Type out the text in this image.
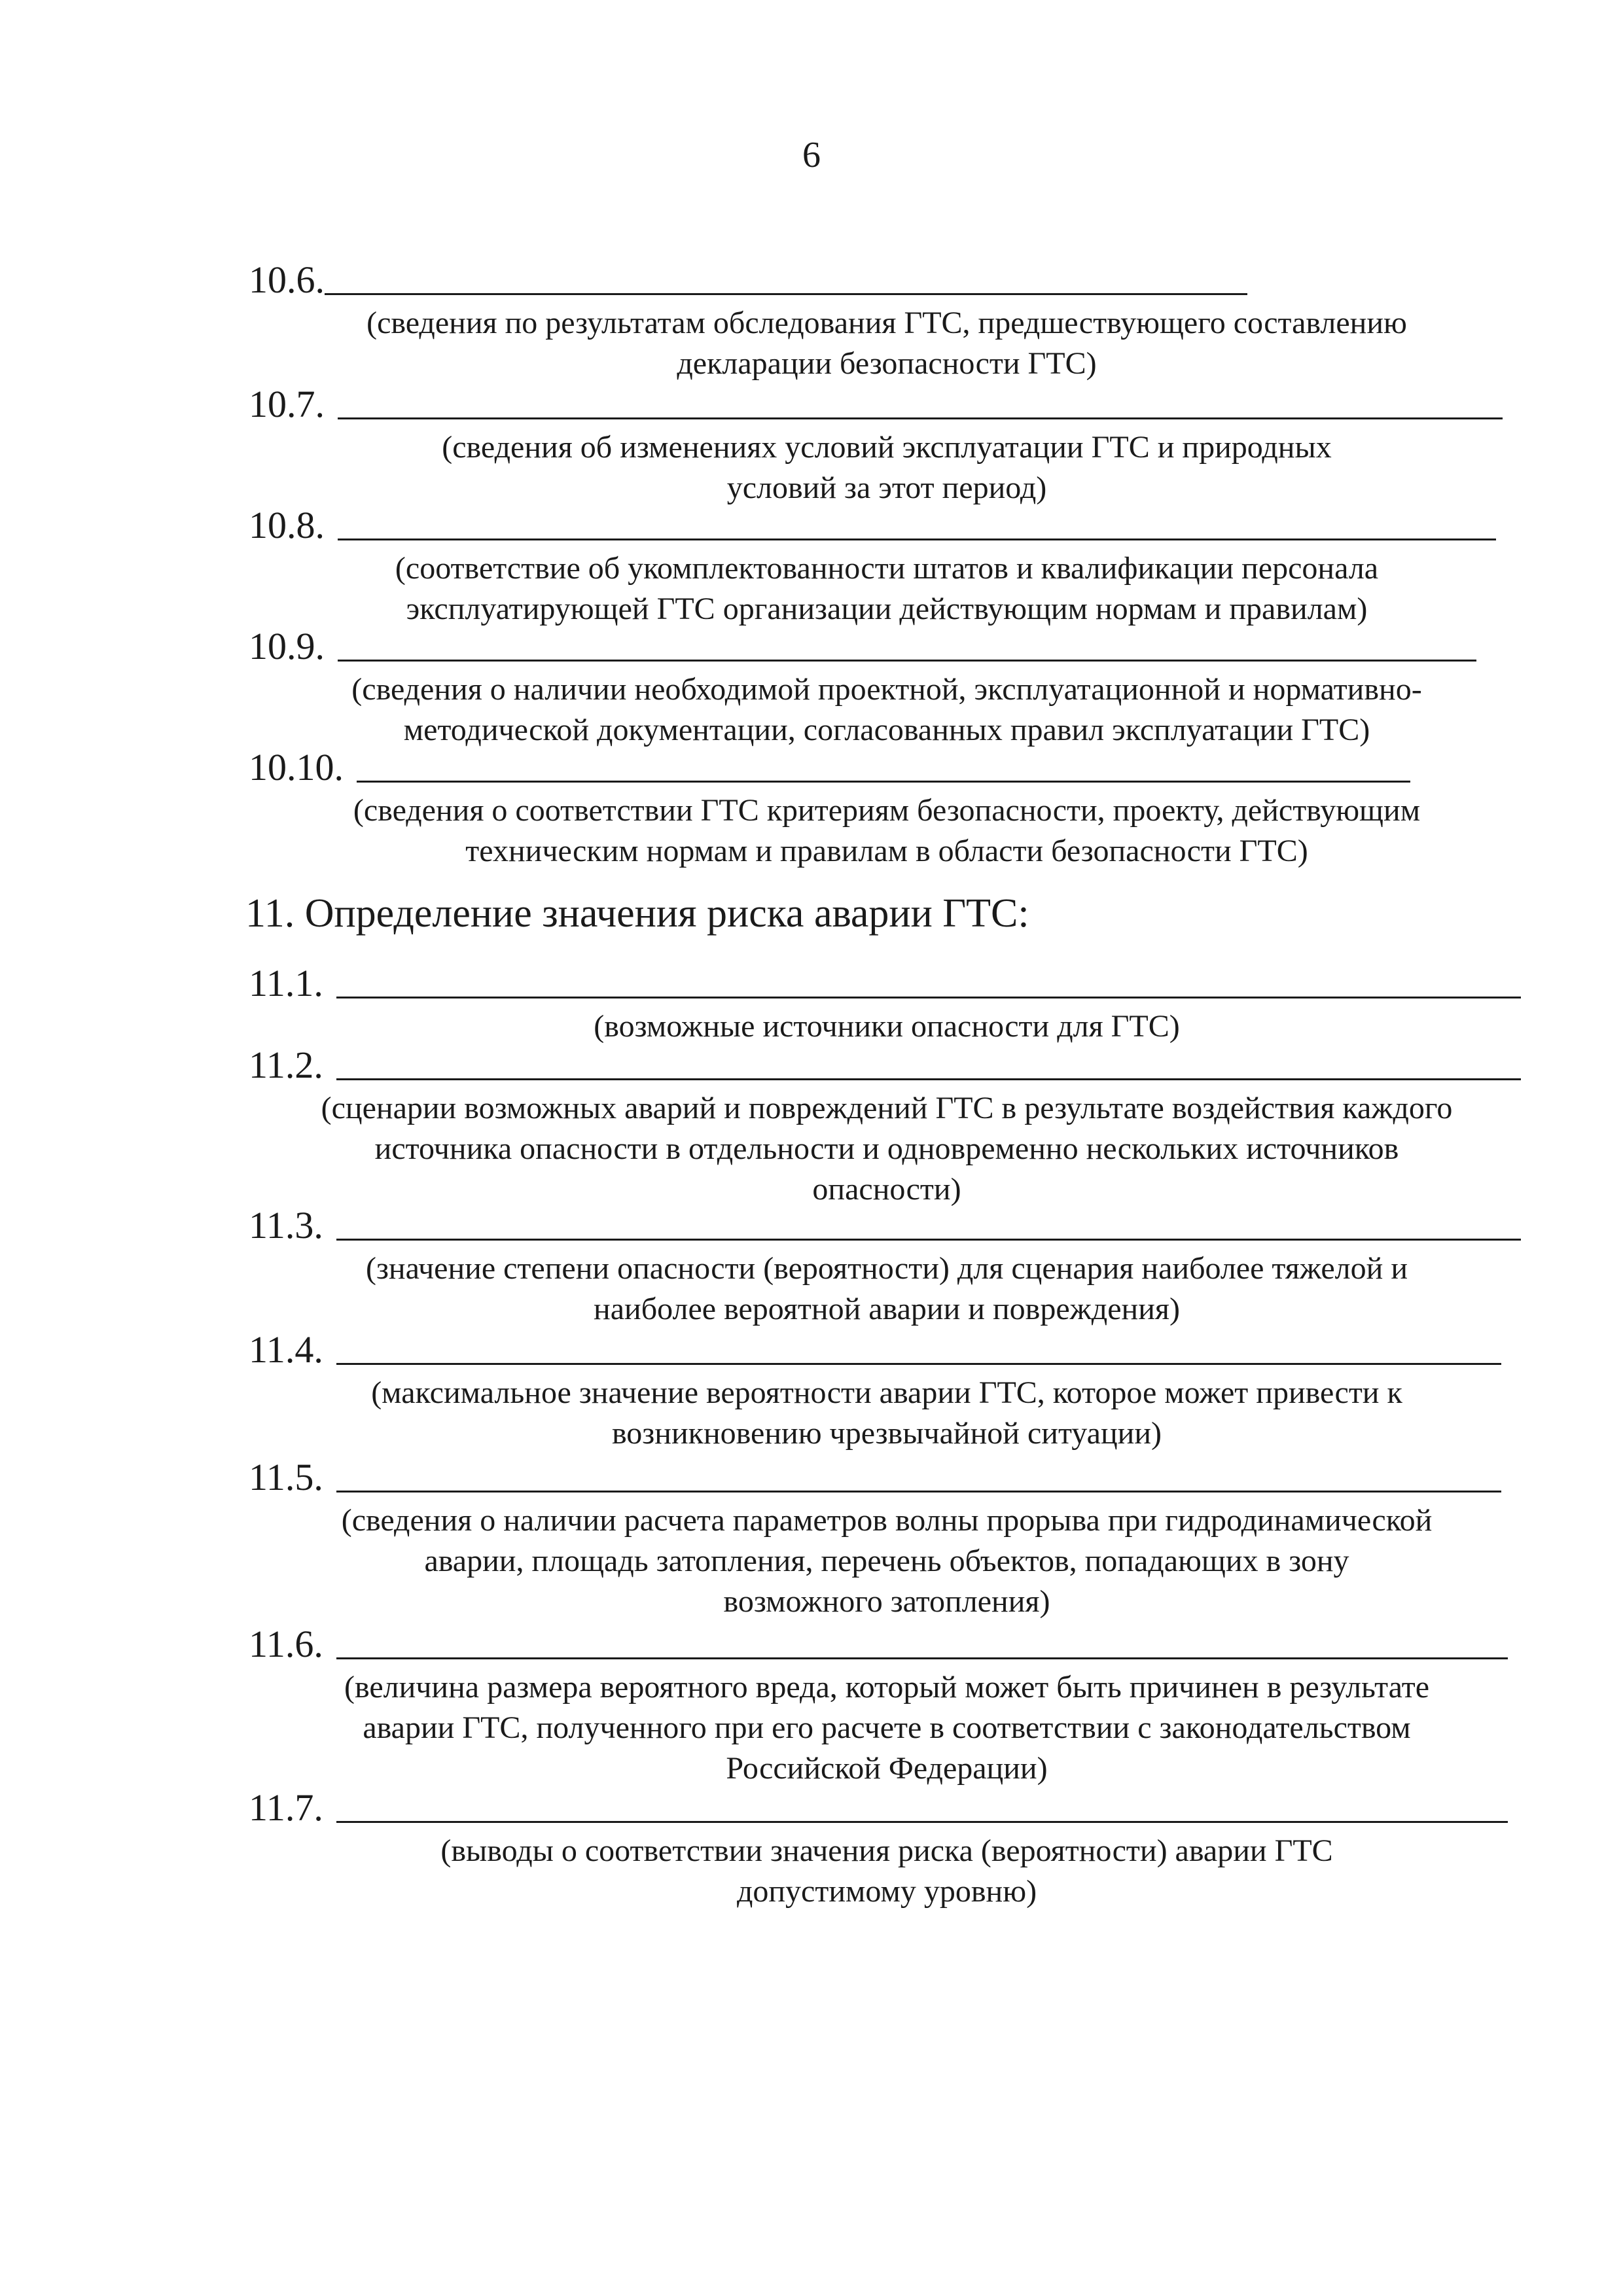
6
10.6.
(сведения по результатам обследования ГТС, предшествующего составлению
декларации безопасности ГТС)
10.7.
(сведения об изменениях условий эксплуатации ГТС и природных
условий за этот период)
10.8.
(соответствие об укомплектованности штатов и квалификации персонала
эксплуатирующей ГТС организации действующим нормам и правилам)
10.9.
(сведения о наличии необходимой проектной, эксплуатационной и нормативно-
методической документации, согласованных правил эксплуатации ГТС)
10.10.
(сведения о соответствии ГТС критериям безопасности, проекту, действующим
техническим нормам и правилам в области безопасности ГТС)
11. Определение значения риска аварии ГТС:
11.1.
(возможные источники опасности для ГТС)
11.2.
(сценарии возможных аварий и повреждений ГТС в результате воздействия каждого
источника опасности в отдельности и одновременно нескольких источников
опасности)
11.3.
(значение степени опасности (вероятности) для сценария наиболее тяжелой и
наиболее вероятной аварии и повреждения)
11.4.
(максимальное значение вероятности аварии ГТС, которое может привести к
возникновению чрезвычайной ситуации)
11.5.
(сведения о наличии расчета параметров волны прорыва при гидродинамической
аварии, площадь затопления, перечень объектов, попадающих в зону
возможного затопления)
11.6.
(величина размера вероятного вреда, который может быть причинен в результате
аварии ГТС, полученного при его расчете в соответствии с законодательством
Российской Федерации)
11.7.
(выводы о соответствии значения риска (вероятности) аварии ГТС
допустимому уровню)
